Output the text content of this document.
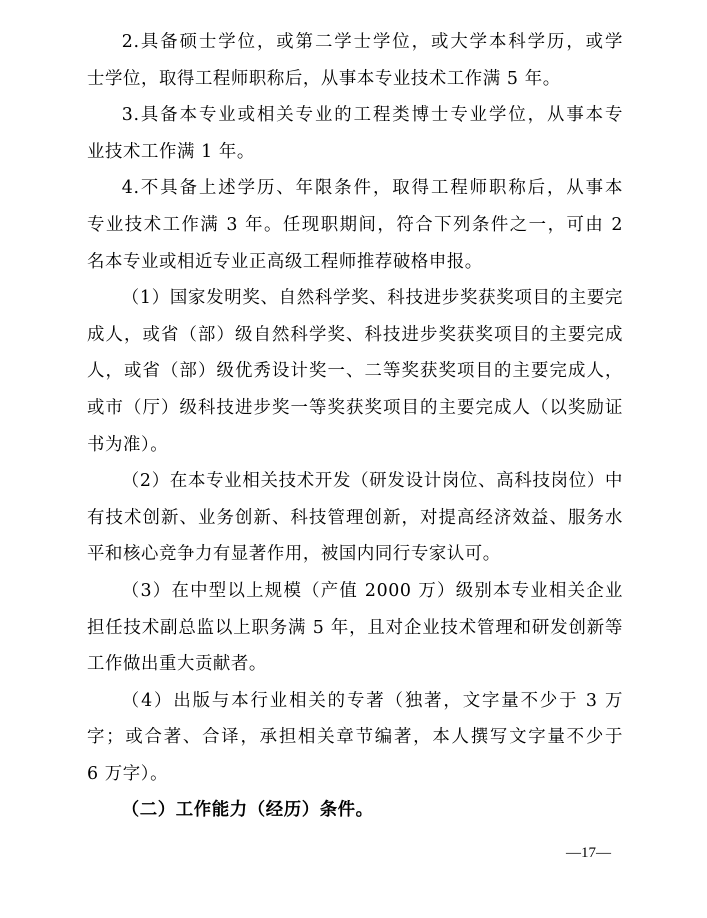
2.具备硕士学位，或第二学士学位，或大学本科学历，或学
士学位，取得工程师职称后，从事本专业技术工作满 5 年。

3.具备本专业或相关专业的工程类博士专业学位，从事本专
业技术工作满 1 年。

4.不具备上述学历、年限条件，取得工程师职称后，从事本
专业技术工作满 3 年。任现职期间，符合下列条件之一，可由 2
名本专业或相近专业正高级工程师推荐破格申报。

（1）国家发明奖、自然科学奖、科技进步奖获奖项目的主要完
成人，或省（部）级自然科学奖、科技进步奖获奖项目的主要完成
人，或省（部）级优秀设计奖一、二等奖获奖项目的主要完成人，
或市（厅）级科技进步奖一等奖获奖项目的主要完成人（以奖励证
书为准）。

（2）在本专业相关技术开发（研发设计岗位、高科技岗位）中
有技术创新、业务创新、科技管理创新，对提高经济效益、服务水
平和核心竞争力有显著作用，被国内同行专家认可。

（3）在中型以上规模（产值 2000 万）级别本专业相关企业
担任技术副总监以上职务满 5 年，且对企业技术管理和研发创新等
工作做出重大贡献者。

（4）出版与本行业相关的专著（独著，文字量不少于 3 万
字；或合著、合译，承担相关章节编著，本人撰写文字量不少于
6 万字）。

（二）工作能力（经历）条件。

—17—
